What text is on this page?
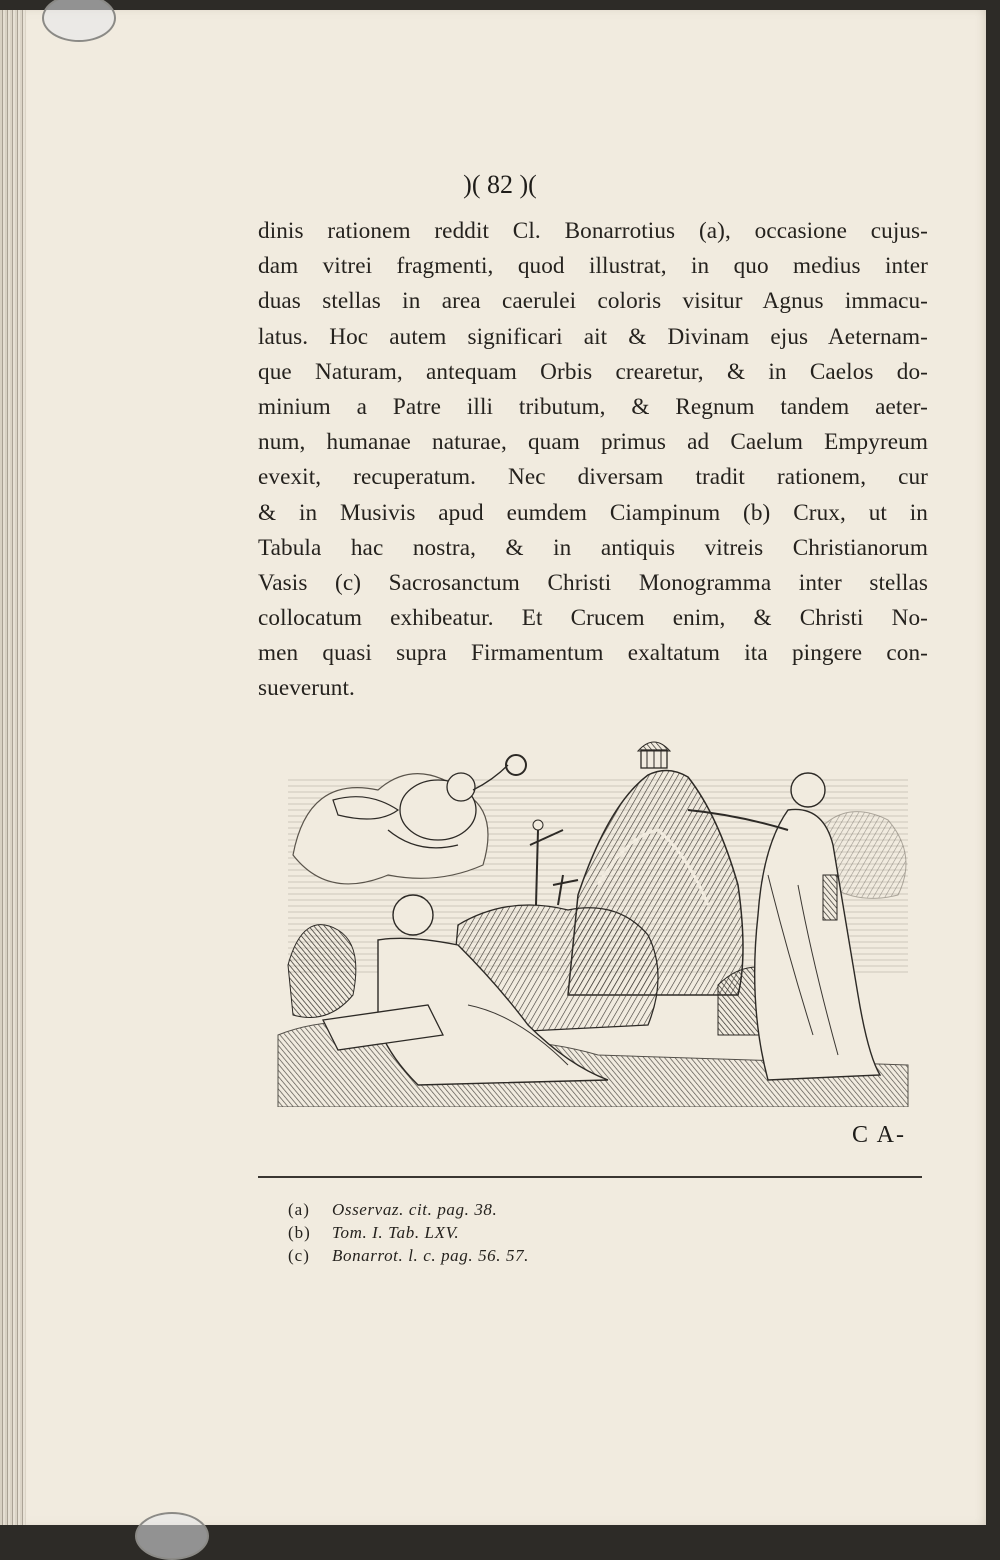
)( 82 )(
dinis rationem reddit Cl. Bonarrotius (a), occasione cujus-
dam vitrei fragmenti, quod illustrat, in quo medius inter
duas stellas in area caerulei coloris visitur Agnus immacu-
latus. Hoc autem significari ait & Divinam ejus Aeternam-
que Naturam, antequam Orbis crearetur, & in Caelos do-
minium a Patre illi tributum, & Regnum tandem aeter-
num, humanae naturae, quam primus ad Caelum Empyreum
evexit, recuperatum. Nec diversam tradit rationem, cur
& in Musivis apud eumdem Ciampinum (b) Crux, ut in
Tabula hac nostra, & in antiquis vitreis Christianorum
Vasis (c) Sacrosanctum Christi Monogramma inter stellas
collocatum exhibeatur. Et Crucem enim, & Christi No-
men quasi supra Firmamentum exaltatum ita pingere con-
sueverunt.
C A-
(a) Osservaz. cit. pag. 38.
(b) Tom. I. Tab. LXV.
(c) Bonarrot. l. c. pag. 56. 57.
